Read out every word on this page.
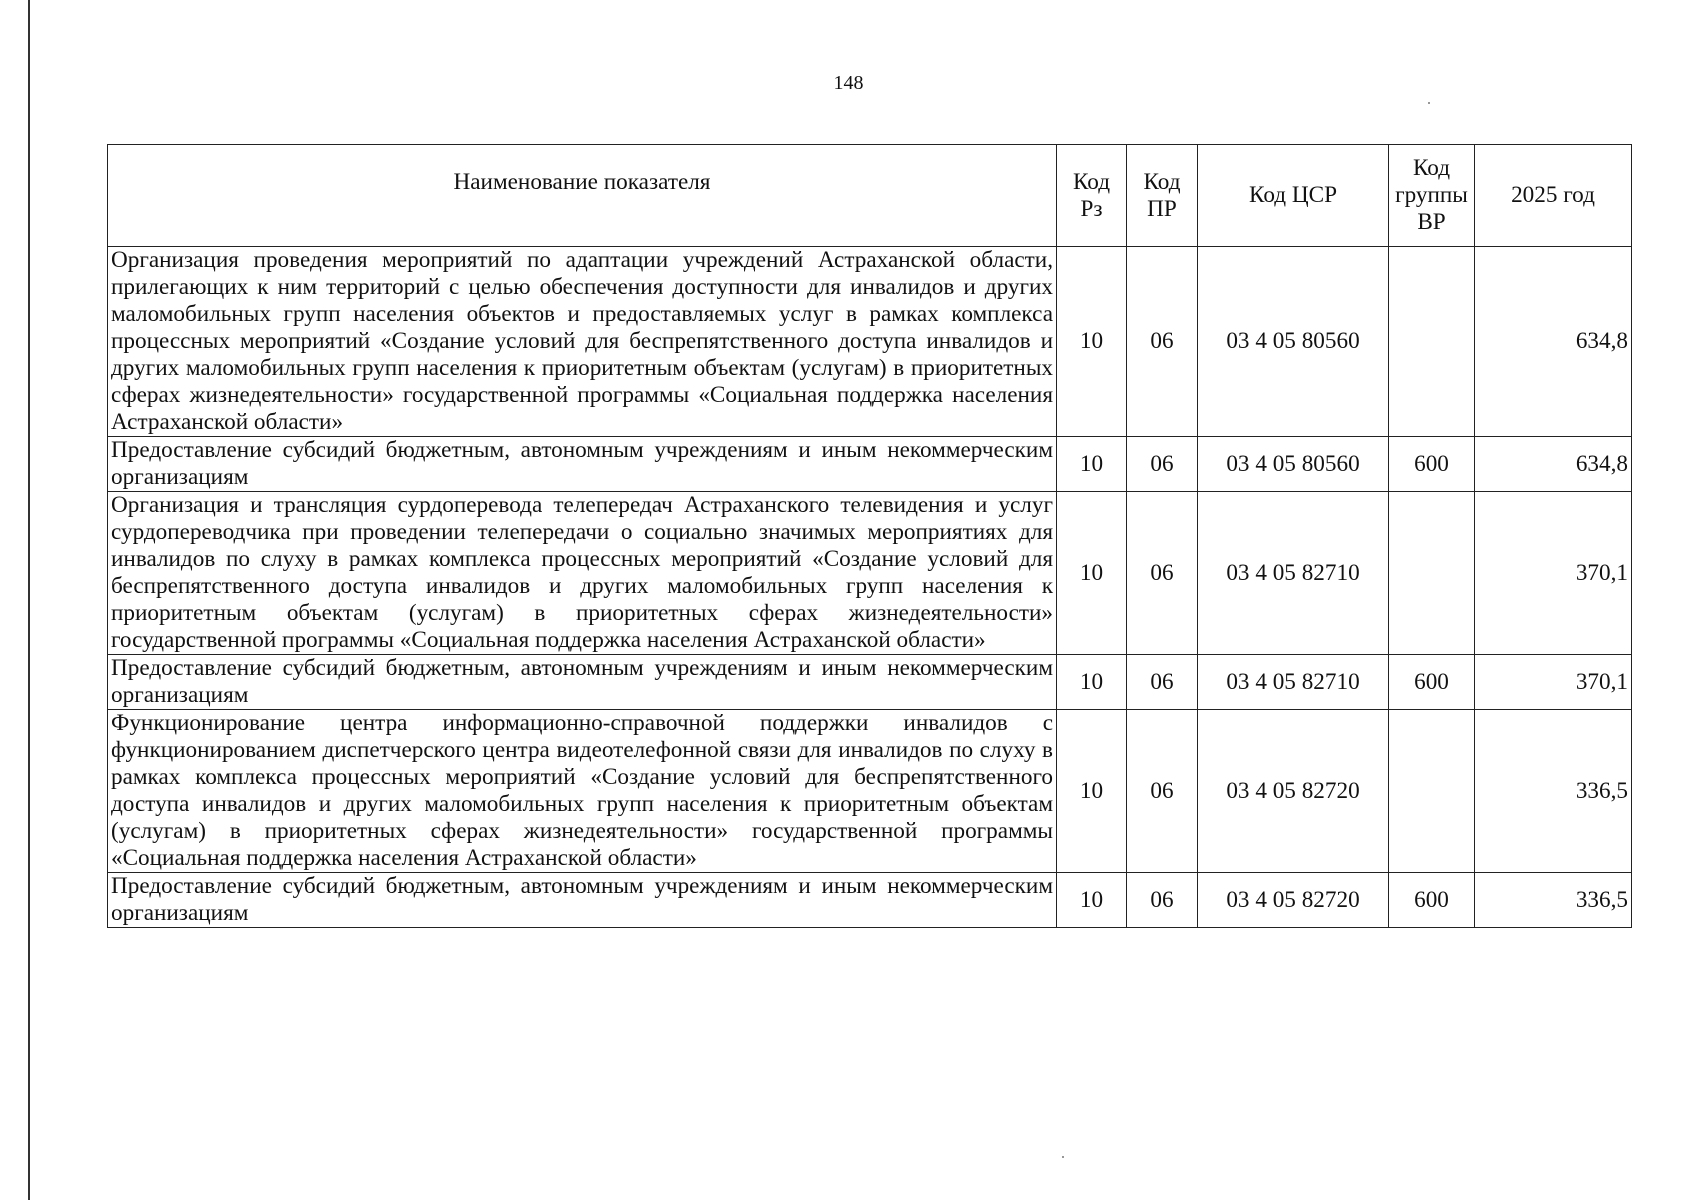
148
Наименование показателя	Код Рз	Код ПР	Код ЦСР	Код группы ВР	2025 год
Организация проведения мероприятий по адаптации учреждений Астраханской области, прилегающих к ним территорий с целью обеспечения доступности для инвалидов и других маломобильных групп населения объектов и предоставляемых услуг в рамках комплекса процессных мероприятий «Создание условий для беспрепятственного доступа инвалидов и других маломобильных групп населения к приоритетным объектам (услугам) в приоритетных сферах жизнедеятельности» государственной программы «Социальная поддержка населения Астраханской области»	10	06	03 4 05 80560		634,8
Предоставление субсидий бюджетным, автономным учреждениям и иным некоммерческим организациям	10	06	03 4 05 80560	600	634,8
Организация и трансляция сурдоперевода телепередач Астраханского телевидения и услуг сурдопереводчика при проведении телепередачи о социально значимых мероприятиях для инвалидов по слуху в рамках комплекса процессных мероприятий «Создание условий для беспрепятственного доступа инвалидов и других маломобильных групп населения к приоритетным объектам (услугам) в приоритетных сферах жизнедеятельности» государственной программы «Социальная поддержка населения Астраханской области»	10	06	03 4 05 82710		370,1
Предоставление субсидий бюджетным, автономным учреждениям и иным некоммерческим организациям	10	06	03 4 05 82710	600	370,1
Функционирование центра информационно-справочной поддержки инвалидов с функционированием диспетчерского центра видеотелефонной связи для инвалидов по слуху в рамках комплекса процессных мероприятий «Создание условий для беспрепятственного доступа инвалидов и других маломобильных групп населения к приоритетным объектам (услугам) в приоритетных сферах жизнедеятельности» государственной программы «Социальная поддержка населения Астраханской области»	10	06	03 4 05 82720		336,5
Предоставление субсидий бюджетным, автономным учреждениям и иным некоммерческим организациям	10	06	03 4 05 82720	600	336,5
